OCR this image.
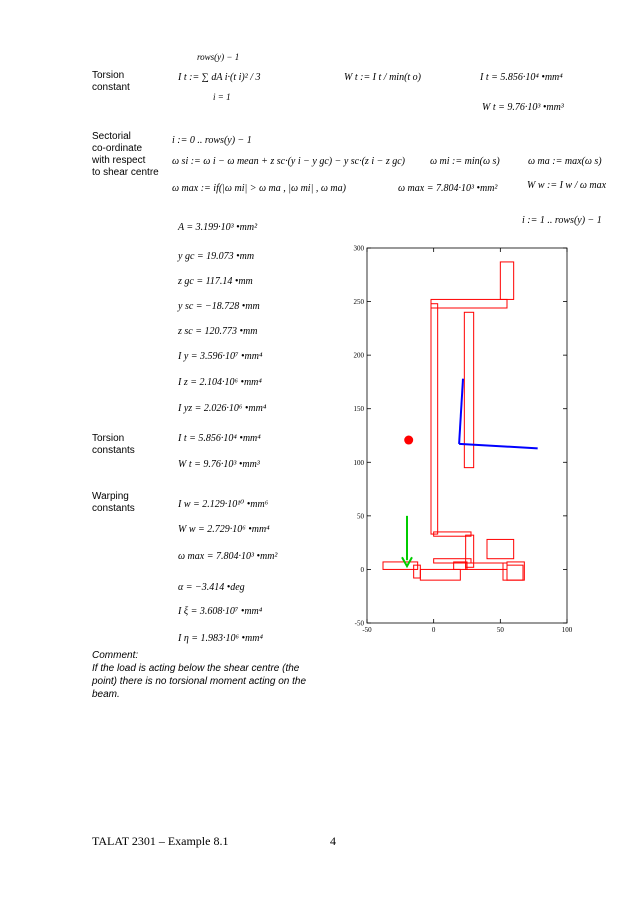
Torsion
constant
rows(y) − 1
I t := ∑ dA i·(t i)² / 3
i = 1
W t := I t / min(t o)	I t = 5.856·10⁴ •mm⁴
W t = 9.76·10³ •mm³
Sectorial
co-ordinate
with respect
to shear centre
i := 0 .. rows(y) − 1
ω si := ω i − ω mean + z sc·(y i − y gc) − y sc·(z i − z gc) ω mi := min(ω s)	ω ma := max(ω s)
ω max := if(|ω mi| > ω ma , |ω mi| , ω ma)	ω max = 7.804·10³ •mm²	W w := I w / ω max
i := 1 .. rows(y) − 1
A = 3.199·10³ •mm²
y gc = 19.073 •mm
z gc = 117.14 •mm
y sc = −18.728 •mm
z sc = 120.773 •mm
I y = 3.596·10⁷ •mm⁴
I z = 2.104·10⁶ •mm⁴
I yz = 2.026·10⁶ •mm⁴
Torsion
constants
I t = 5.856·10⁴ •mm⁴
W t = 9.76·10³ •mm³
Warping
constants	I w = 2.129·10¹⁰ •mm⁶
W w = 2.729·10⁶ •mm⁴
ω max = 7.804·10³ •mm²
α = −3.414 •deg
I ξ = 3.608·10⁷ •mm⁴
I η = 1.983·10⁶ •mm⁴
Comment:
If the load is acting below the shear centre (the point) there is no torsional moment acting on the beam.
-50	0	50	100
-50
0
50
100
150
200
250
300
TALAT 2301 – Example 8.1	4
